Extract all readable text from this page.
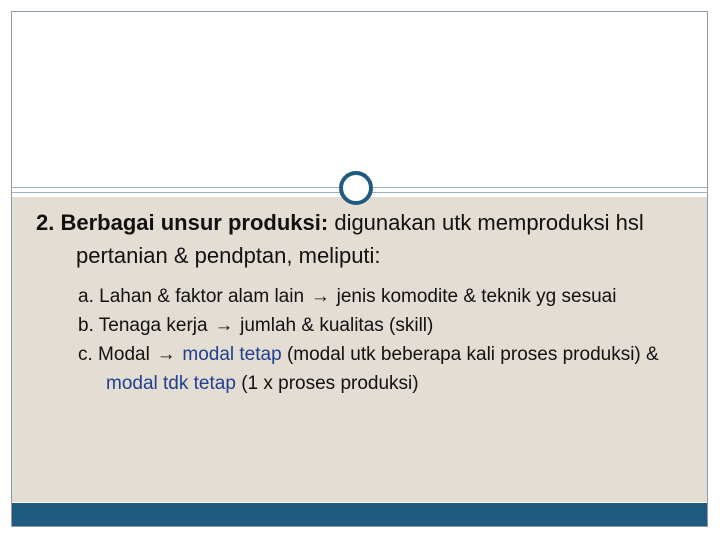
2. Berbagai unsur produksi: digunakan utk memproduksi hsl pertanian & pendptan, meliputi:

a. Lahan & faktor alam lain → jenis komodite & teknik yg sesuai
b. Tenaga kerja → jumlah & kualitas (skill)
c. Modal → modal tetap (modal utk beberapa kali proses produksi) & modal tdk tetap (1 x proses produksi)
